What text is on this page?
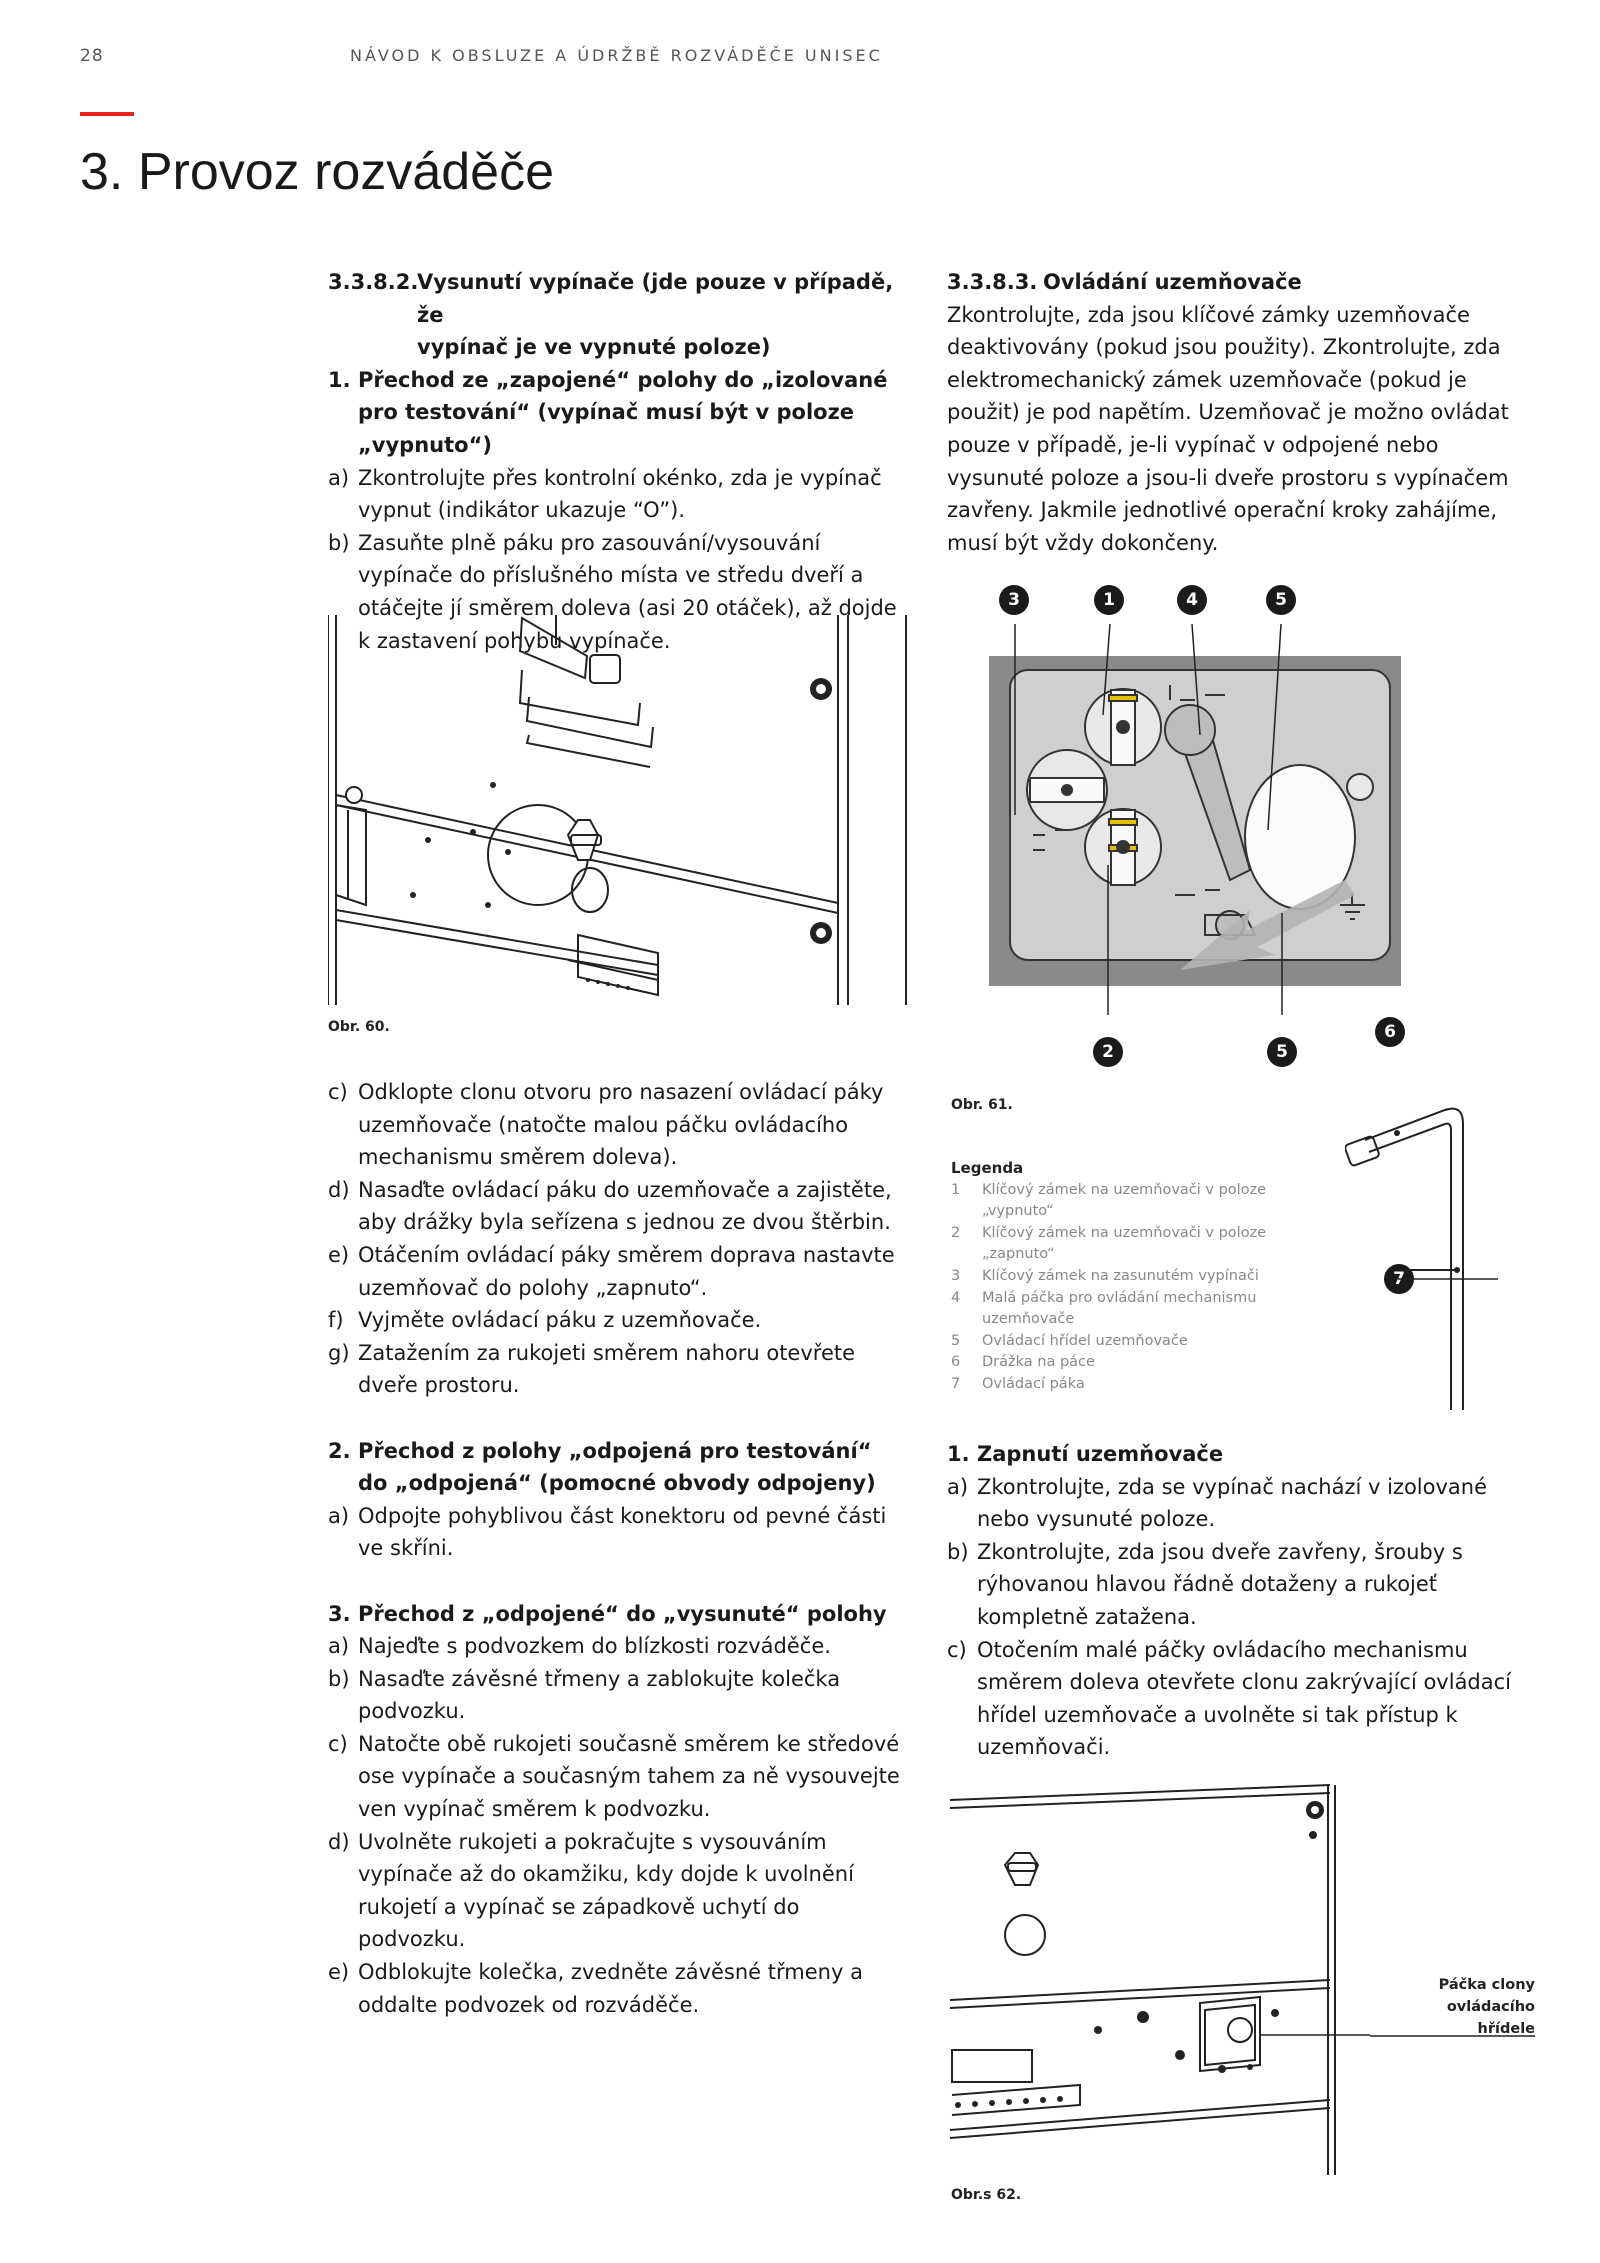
28	NÁVOD K OBSLUZE A ÚDRŽBĚ ROZVÁDĚČE UNISEC
3. Provoz rozváděče
3.3.8.2.
Vysunutí vypínače (jde pouze v případě, že
vypínač je ve vypnuté poloze)
1. Přechod ze „zapojené“ polohy do „izolované pro testování“ (vypínač musí být v poloze „vypnuto“)
a) Zkontrolujte přes kontrolní okénko, zda je vypínač vypnut (indikátor ukazuje “O”).
b) Zasuňte plně páku pro zasouvání/vysouvání vypínače do příslušného místa ve středu dveří a otáčejte jí směrem doleva (asi 20 otáček), až dojde k zastavení pohybu vypínače.
Obr. 60.
c) Odklopte clonu otvoru pro nasazení ovládací páky uzemňovače (natočte malou páčku ovládacího mechanismu směrem doleva).
d) Nasaďte ovládací páku do uzemňovače a zajistěte, aby drážky byla seřízena s jednou ze dvou štěrbin.
e) Otáčením ovládací páky směrem doprava nastavte uzemňovač do polohy „zapnuto“.
f) Vyjměte ovládací páku z uzemňovače.
g) Zatažením za rukojeti směrem nahoru otevřete dveře prostoru.
2. Přechod z polohy „odpojená pro testování“ do „odpojená“ (pomocné obvody odpojeny)
a) Odpojte pohyblivou část konektoru od pevné části ve skříni.
3. Přechod z „odpojené“ do „vysunuté“ polohy
a) Najeďte s podvozkem do blízkosti rozváděče.
b) Nasaďte závěsné třmeny a zablokujte kolečka podvozku.
c) Natočte obě rukojeti současně směrem ke středové ose vypínače a současným tahem za ně vysouvejte ven vypínač směrem k podvozku.
d) Uvolněte rukojeti a pokračujte s vysouváním vypínače až do okamžiku, kdy dojde k uvolnění rukojetí a vypínač se západkově uchytí do podvozku.
e) Odblokujte kolečka, zvedněte závěsné třmeny a oddalte podvozek od rozváděče.
3.3.8.3. Ovládání uzemňovače

Zkontrolujte, zda jsou klíčové zámky uzemňovače deaktivovány (pokud jsou použity). Zkontrolujte, zda elektromechanický zámek uzemňovače (pokud je použit) je pod napětím. Uzemňovač je možno ovládat pouze v případě, je-li vypínač v odpojené nebo vysunuté poloze a jsou-li dveře prostoru s vypínačem zavřeny. Jakmile jednotlivé operační kroky zahájíme, musí být vždy dokončeny.

3	1	4	5
2	5
6
7
Obr. 61.
Legenda
1	Klíčový zámek na uzemňovači v poloze „vypnuto“
2	Klíčový zámek na uzemňovači v poloze „zapnuto“
3	Klíčový zámek na zasunutém vypínači
4	Malá páčka pro ovládání mechanismu uzemňovače
5	Ovládací hřídel uzemňovače
6	Drážka na páce
7	Ovládací páka
1. Zapnutí uzemňovače
a) Zkontrolujte, zda se vypínač nachází v izolované nebo vysunuté poloze.
b) Zkontrolujte, zda jsou dveře zavřeny, šrouby s rýhovanou hlavou řádně dotaženy a rukojeť kompletně zatažena.
c) Otočením malé páčky ovládacího mechanismu směrem doleva otevřete clonu zakrývající ovládací hřídel uzemňovače a uvolněte si tak přístup k uzemňovači.
Páčka clony
ovládacího
hřídele
Obr.s 62.
